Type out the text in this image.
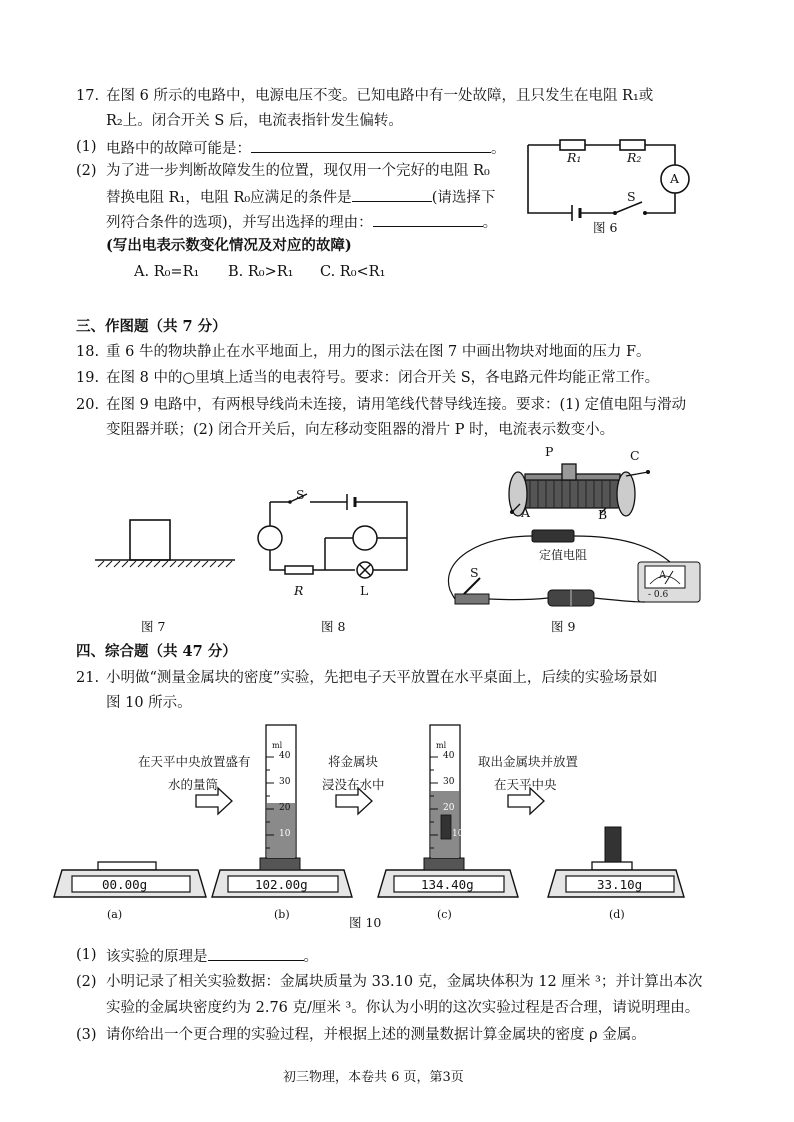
17. 在图 6 所示的电路中，电源电压不变。已知电路中有一处故障，且只发生在电阻 R₁或
R₂上。闭合开关 S 后，电流表指针发生偏转。
(1) 电路中的故障可能是：	。
(2) 为了进一步判断故障发生的位置，现仅用一个完好的电阻 R₀
替换电阻 R₁，电阻 R₀应满足的条件是	(请选择下
列符合条件的选项)，并写出选择的理由：	。
(写出电表示数变化情况及对应的故障)
A. R₀=R₁ B. R₀>R₁ C. R₀<R₁
R₁	R₂
A
S
图 6
三、作图题（共 7 分）
18. 重 6 牛的物块静止在水平地面上，用力的图示法在图 7 中画出物块对地面的压力 F。
19. 在图 8 中的○里填上适当的电表符号。要求：闭合开关 S，各电路元件均能正常工作。
20. 在图 9 电路中，有两根导线尚未连接，请用笔线代替导线连接。要求：(1) 定值电阻与滑动
变阻器并联；(2) 闭合开关后，向左移动变阻器的滑片 P 时，电流表示数变小。
图 7
S
R	L
图 8
P	C
A	B
定值电阻
S	A
- 0.6
图 9
四、综合题（共 47 分）
21. 小明做“测量金属块的密度”实验，先把电子天平放置在水平桌面上，后续的实验场景如
图 10 所示。
在天平中央放置盛有
水的量筒
将金属块
浸没在水中
取出金属块并放置
在天平中央
ml
40
30
20
10
ml
40
30
20
10
00.00g	102.00g	134.40g	33.10g
(a)	(b)	(c)	(d)
图 10
(1) 该实验的原理是	。
(2) 小明记录了相关实验数据：金属块质量为 33.10 克，金属块体积为 12 厘米 ³；并计算出本次
实验的金属块密度约为 2.76 克/厘米 ³。你认为小明的这次实验过程是否合理，请说明理由。
(3) 请你给出一个更合理的实验过程，并根据上述的测量数据计算金属块的密度 ρ 金属。
初三物理，本卷共 6 页，第3页
